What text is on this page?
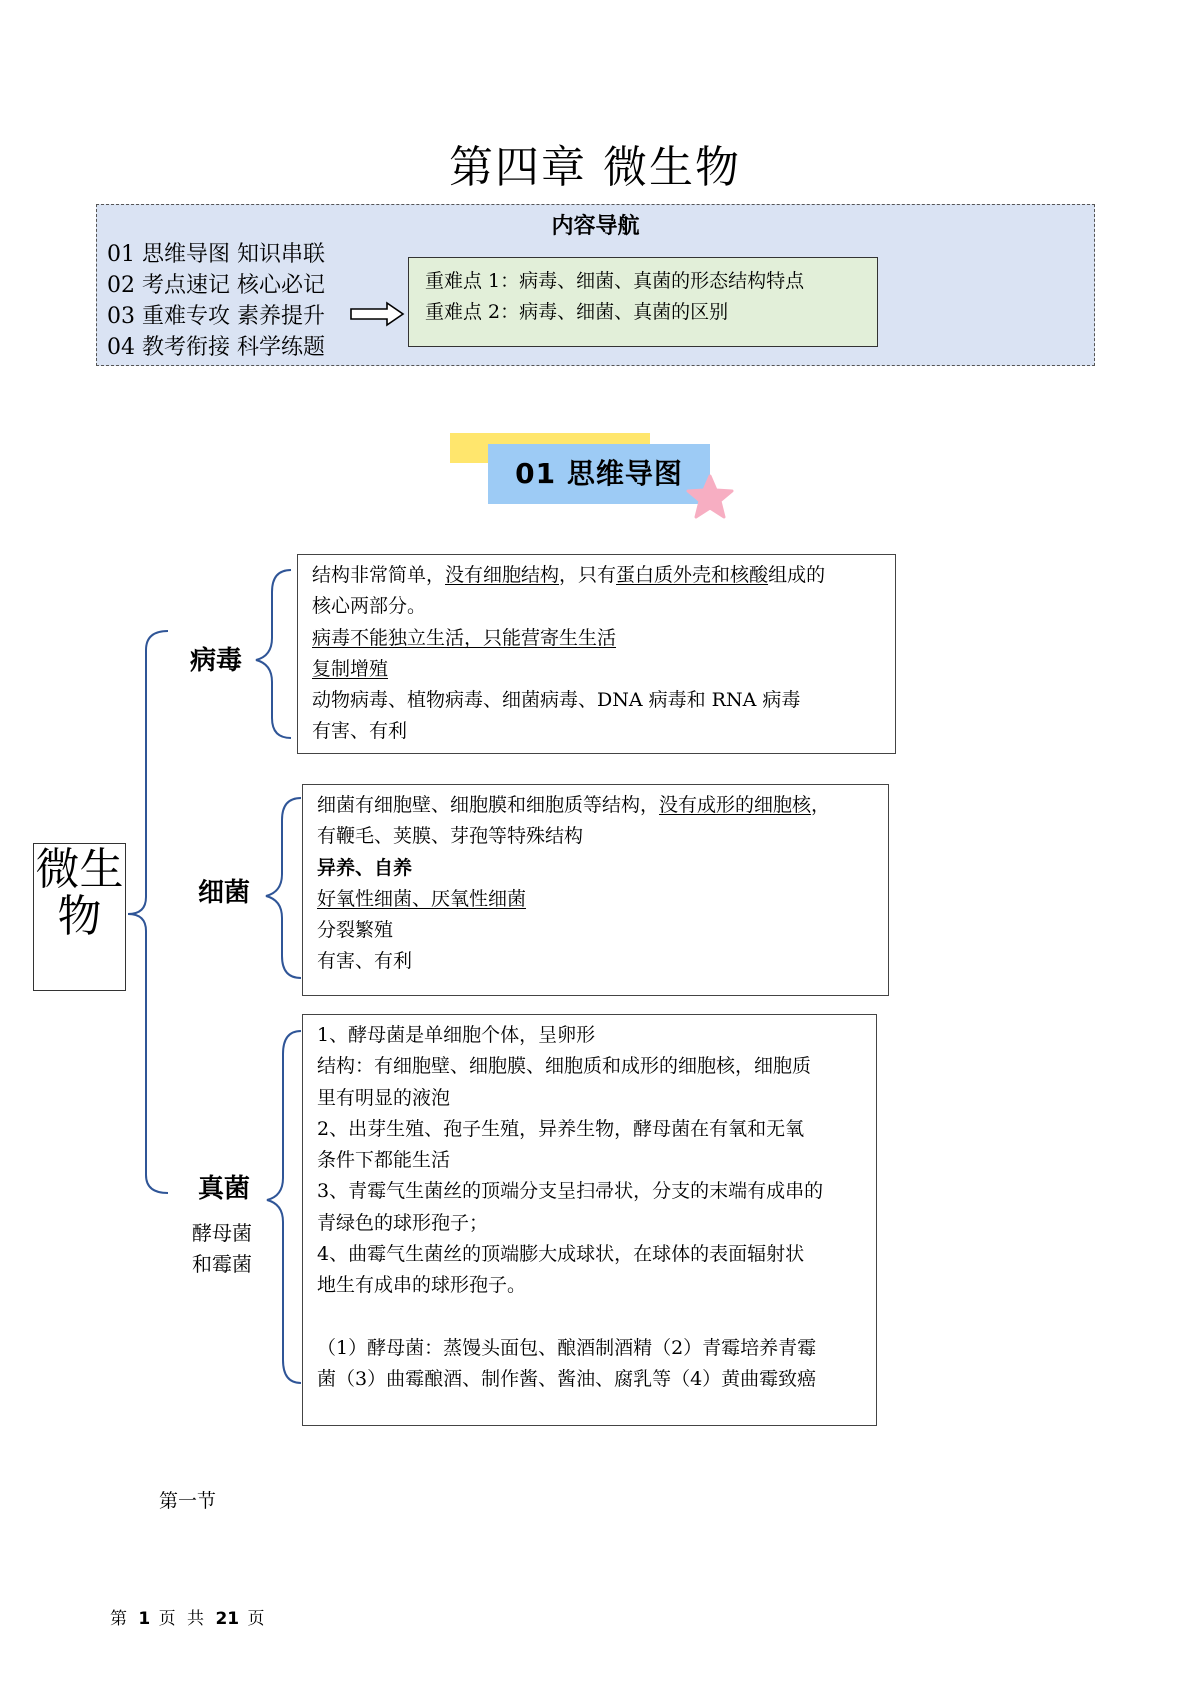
第四章 微生物
内容导航
01 思维导图 知识串联
02 考点速记 核心必记
03 重难专攻 素养提升
04 教考衔接 科学练题
重难点 1：病毒、细菌、真菌的形态结构特点
重难点 2：病毒、细菌、真菌的区别
01 思维导图
微生物
病毒
结构非常简单，没有细胞结构，只有蛋白质外壳和核酸组成的
核心两部分。
病毒不能独立生活，只能营寄生生活
复制增殖
动物病毒、植物病毒、细菌病毒、DNA 病毒和 RNA 病毒
有害、有利
细菌
细菌有细胞壁、细胞膜和细胞质等结构，没有成形的细胞核，
有鞭毛、荚膜、芽孢等特殊结构
异养、自养
好氧性细菌、厌氧性细菌
分裂繁殖
有害、有利
真菌
酵母菌
和霉菌
1、酵母菌是单细胞个体，呈卵形
结构：有细胞壁、细胞膜、细胞质和成形的细胞核，细胞质
里有明显的液泡
2、出芽生殖、孢子生殖，异养生物，酵母菌在有氧和无氧
条件下都能生活
3、青霉气生菌丝的顶端分支呈扫帚状，分支的末端有成串的
青绿色的球形孢子；
4、曲霉气生菌丝的顶端膨大成球状，在球体的表面辐射状
地生有成串的球形孢子。
（1）酵母菌：蒸馒头面包、酿酒制酒精（2）青霉培养青霉
菌（3）曲霉酿酒、制作酱、酱油、腐乳等（4）黄曲霉致癌
第一节
第 1 页 共 21 页
